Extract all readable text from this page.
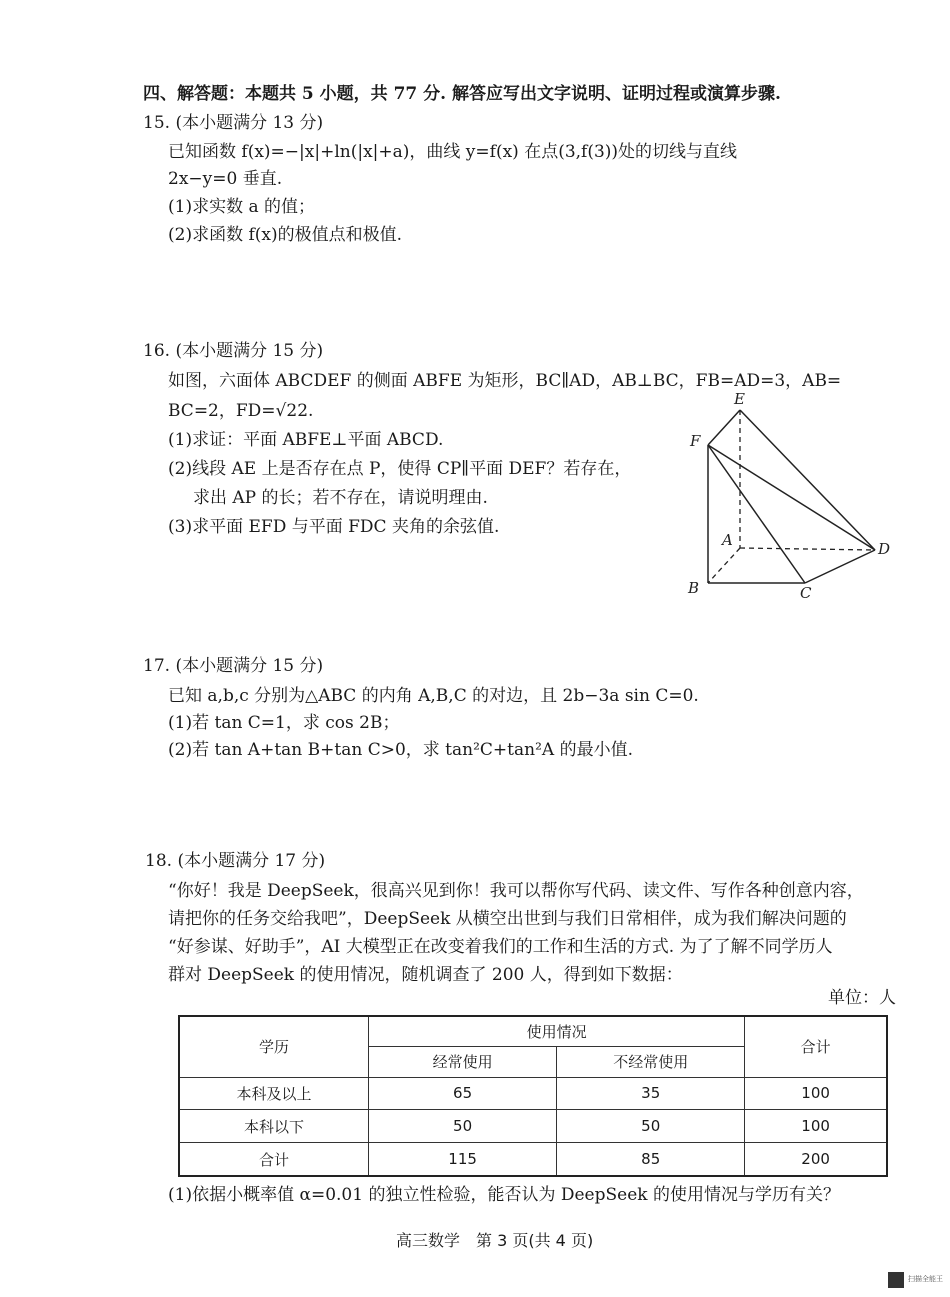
四、解答题：本题共 5 小题，共 77 分. 解答应写出文字说明、证明过程或演算步骤.
15. (本小题满分 13 分)
已知函数 f(x)=−|x|+ln(|x|+a)，曲线 y=f(x) 在点(3,f(3))处的切线与直线
2x−y=0 垂直.
(1)求实数 a 的值；
(2)求函数 f(x)的极值点和极值.
16. (本小题满分 15 分)
如图，六面体 ABCDEF 的侧面 ABFE 为矩形，BC∥AD，AB⊥BC，FB=AD=3，AB=
BC=2，FD=√22.
(1)求证：平面 ABFE⊥平面 ABCD.
(2)线段 AE 上是否存在点 P，使得 CP∥平面 DEF？若存在，
求出 AP 的长；若不存在，请说明理由.
(3)求平面 EFD 与平面 FDC 夹角的余弦值.
E
F
A	D
B	C
17. (本小题满分 15 分)
已知 a,b,c 分别为△ABC 的内角 A,B,C 的对边，且 2b−3a sin C=0.
(1)若 tan C=1，求 cos 2B；
(2)若 tan A+tan B+tan C>0，求 tan²C+tan²A 的最小值.
18. (本小题满分 17 分)
“你好！我是 DeepSeek，很高兴见到你！我可以帮你写代码、读文件、写作各种创意内容，
请把你的任务交给我吧”，DeepSeek 从横空出世到与我们日常相伴，成为我们解决问题的
“好参谋、好助手”，AI 大模型正在改变着我们的工作和生活的方式. 为了了解不同学历人
群对 DeepSeek 的使用情况，随机调查了 200 人，得到如下数据：
单位：人
学历	使用情况		合计
	经常使用	不经常使用	
本科及以上	65	35	100
本科以下	50	50	100
合计	115	85	200
(1)依据小概率值 α=0.01 的独立性检验，能否认为 DeepSeek 的使用情况与学历有关？
高三数学　第 3 页(共 4 页)
扫描全能王
